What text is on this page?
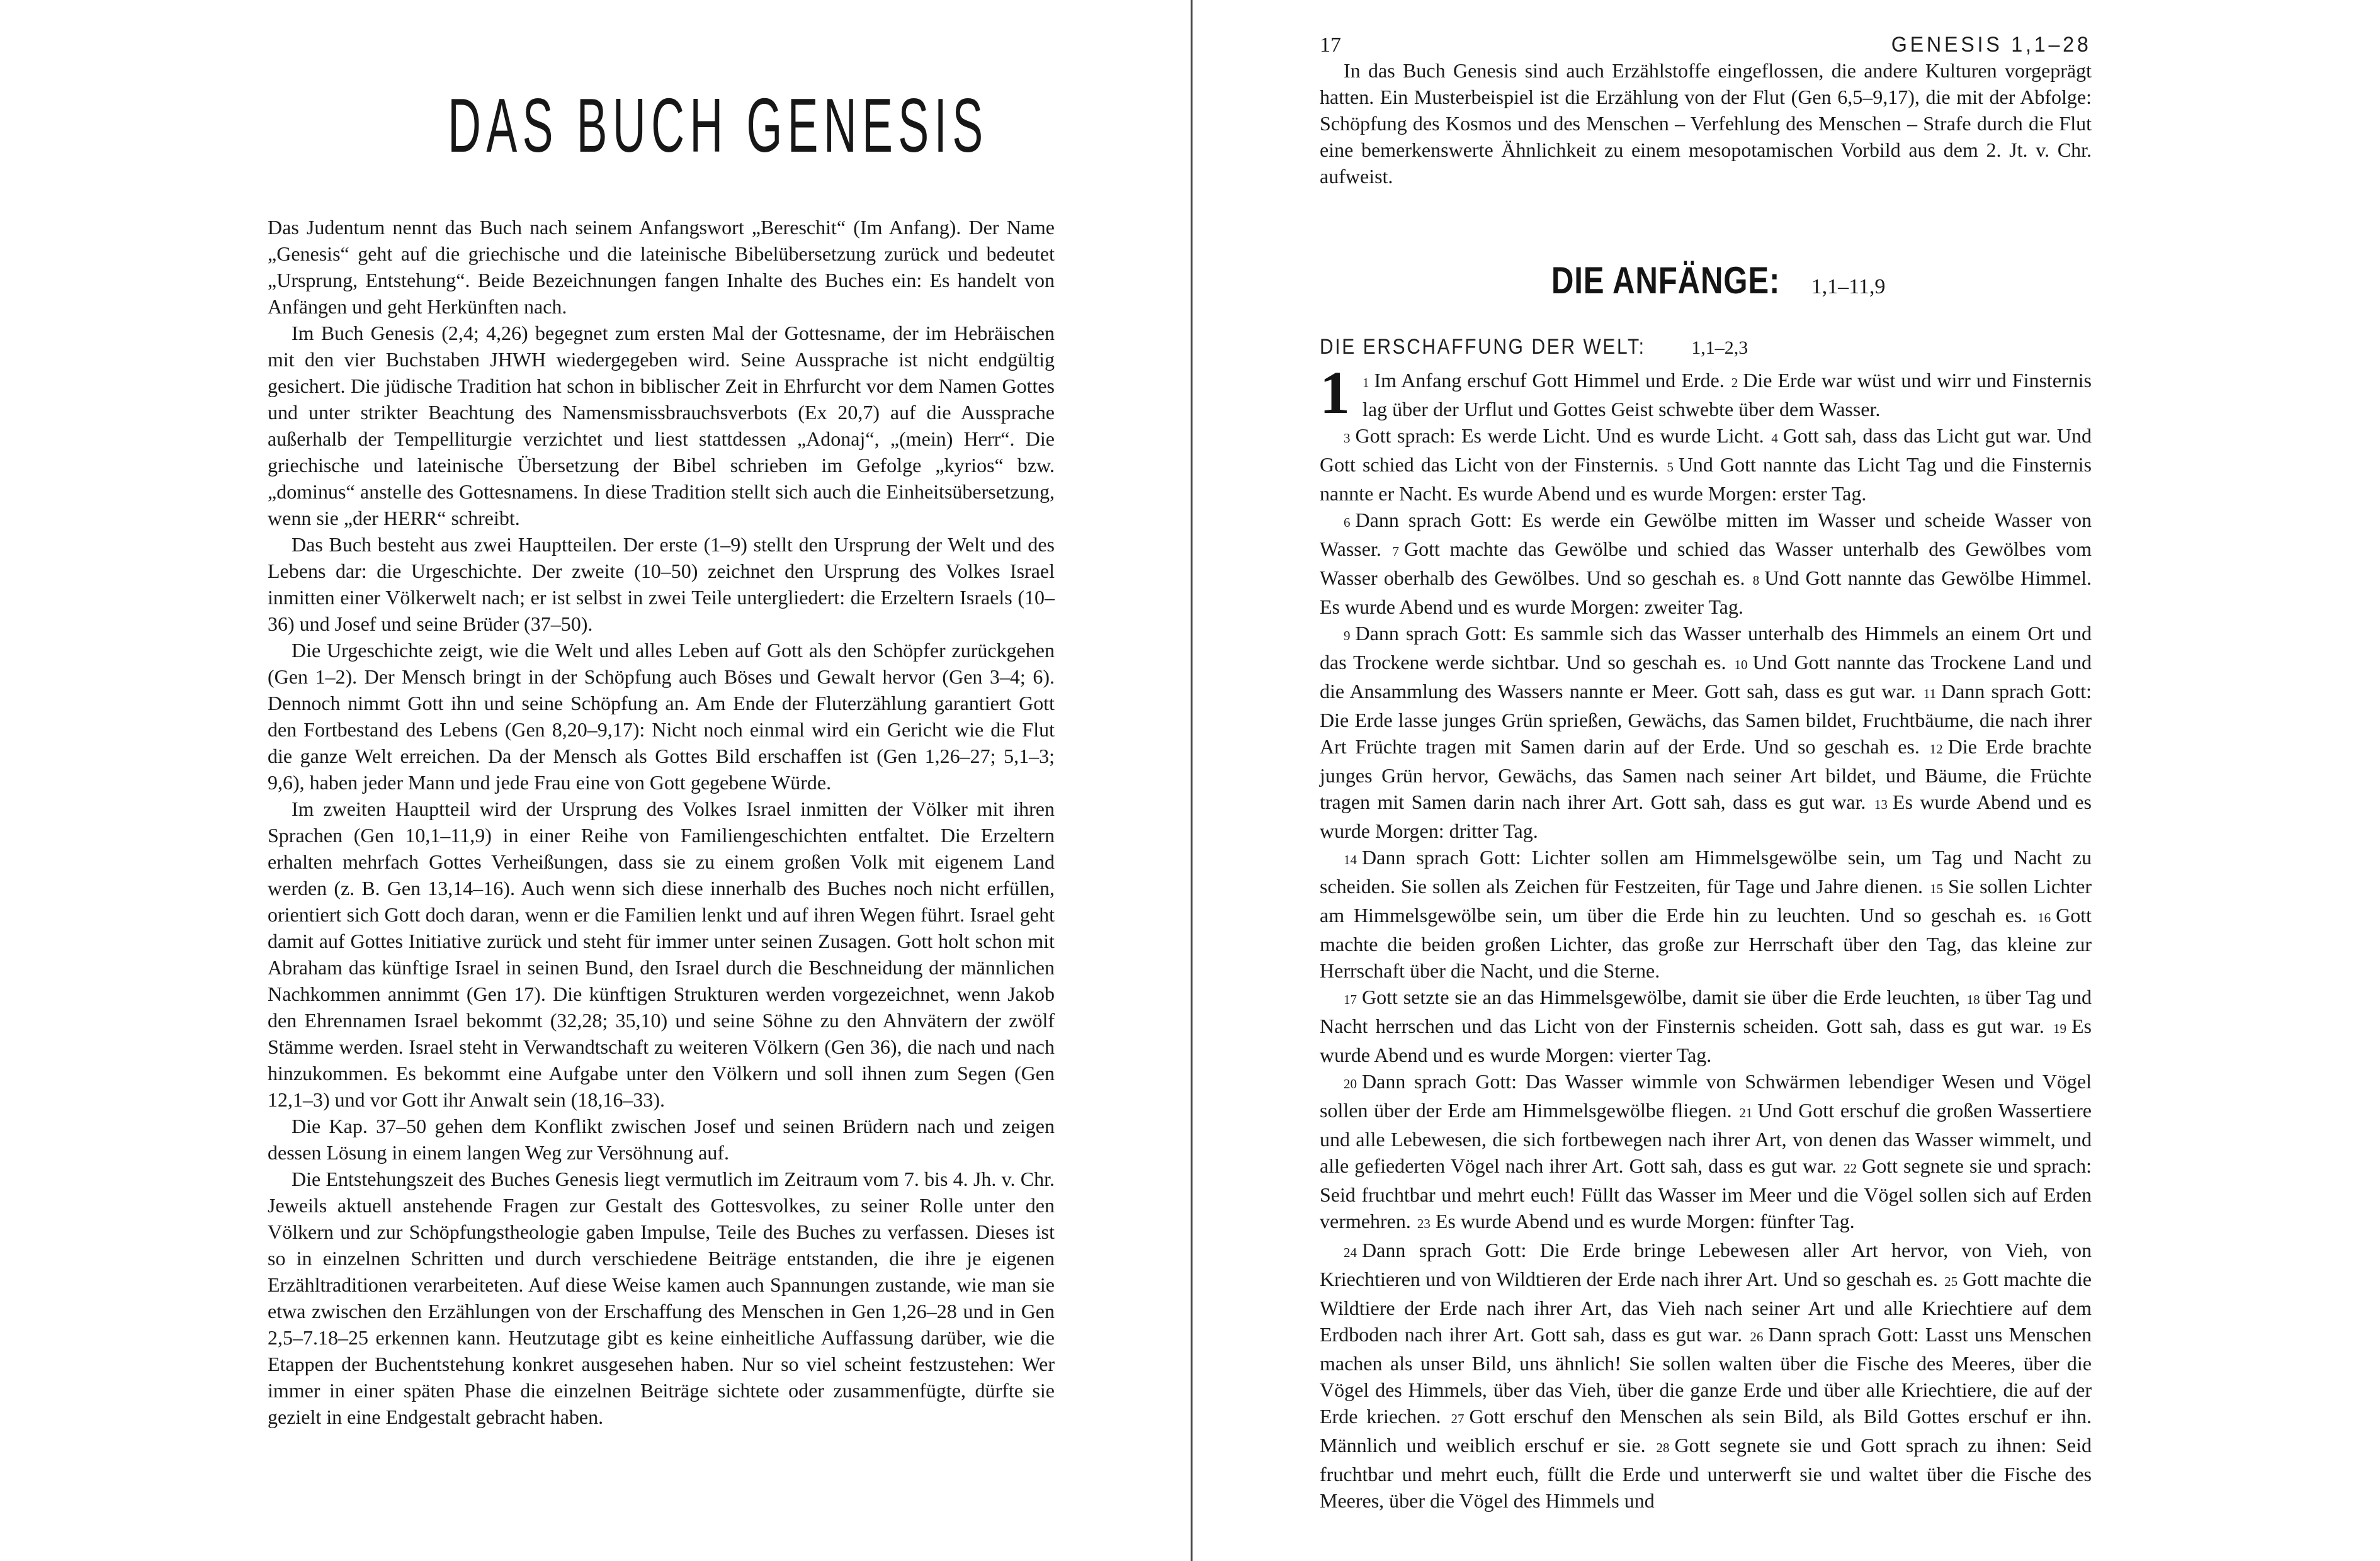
DAS BUCH GENESIS

Das Judentum nennt das Buch nach seinem Anfangswort „Bereschit“ (Im Anfang). Der Name „Genesis“ geht auf die griechische und die lateinische Bibelübersetzung zurück und bedeutet „Ursprung, Entstehung“. Beide Bezeichnungen fangen Inhalte des Buches ein: Es handelt von Anfängen und geht Herkünften nach.

Im Buch Genesis (2,4; 4,26) begegnet zum ersten Mal der Gottesname, der im Hebräischen mit den vier Buchstaben JHWH wiedergegeben wird. Seine Aussprache ist nicht endgültig gesichert. Die jüdische Tradition hat schon in biblischer Zeit in Ehrfurcht vor dem Namen Gottes und unter strikter Beachtung des Namensmissbrauchsverbots (Ex 20,7) auf die Aussprache außerhalb der Tempelliturgie verzichtet und liest stattdessen „Adonaj“, „(mein) Herr“. Die griechische und lateinische Übersetzung der Bibel schrieben im Gefolge „kyrios“ bzw. „dominus“ anstelle des Gottesnamens. In diese Tradition stellt sich auch die Einheitsübersetzung, wenn sie „der HERR“ schreibt.

Das Buch besteht aus zwei Hauptteilen. Der erste (1–9) stellt den Ursprung der Welt und des Lebens dar: die Urgeschichte. Der zweite (10–50) zeichnet den Ursprung des Volkes Israel inmitten einer Völkerwelt nach; er ist selbst in zwei Teile untergliedert: die Erzeltern Israels (10–36) und Josef und seine Brüder (37–50).

Die Urgeschichte zeigt, wie die Welt und alles Leben auf Gott als den Schöpfer zurückgehen (Gen 1–2). Der Mensch bringt in der Schöpfung auch Böses und Gewalt hervor (Gen 3–4; 6). Dennoch nimmt Gott ihn und seine Schöpfung an. Am Ende der Fluterzählung garantiert Gott den Fortbestand des Lebens (Gen 8,20–9,17): Nicht noch einmal wird ein Gericht wie die Flut die ganze Welt erreichen. Da der Mensch als Gottes Bild erschaffen ist (Gen 1,26–27; 5,1–3; 9,6), haben jeder Mann und jede Frau eine von Gott gegebene Würde.

Im zweiten Hauptteil wird der Ursprung des Volkes Israel inmitten der Völker mit ihren Sprachen (Gen 10,1–11,9) in einer Reihe von Familiengeschichten entfaltet. Die Erzeltern erhalten mehrfach Gottes Verheißungen, dass sie zu einem großen Volk mit eigenem Land werden (z. B. Gen 13,14–16). Auch wenn sich diese innerhalb des Buches noch nicht erfüllen, orientiert sich Gott doch daran, wenn er die Familien lenkt und auf ihren Wegen führt. Israel geht damit auf Gottes Initiative zurück und steht für immer unter seinen Zusagen. Gott holt schon mit Abraham das künftige Israel in seinen Bund, den Israel durch die Beschneidung der männlichen Nachkommen annimmt (Gen 17). Die künftigen Strukturen werden vorgezeichnet, wenn Jakob den Ehrennamen Israel bekommt (32,28; 35,10) und seine Söhne zu den Ahnvätern der zwölf Stämme werden. Israel steht in Verwandtschaft zu weiteren Völkern (Gen 36), die nach und nach hinzukommen. Es bekommt eine Aufgabe unter den Völkern und soll ihnen zum Segen (Gen 12,1–3) und vor Gott ihr Anwalt sein (18,16–33).

Die Kap. 37–50 gehen dem Konflikt zwischen Josef und seinen Brüdern nach und zeigen dessen Lösung in einem langen Weg zur Versöhnung auf.

Die Entstehungszeit des Buches Genesis liegt vermutlich im Zeitraum vom 7. bis 4. Jh. v. Chr. Jeweils aktuell anstehende Fragen zur Gestalt des Gottesvolkes, zu seiner Rolle unter den Völkern und zur Schöpfungstheologie gaben Impulse, Teile des Buches zu verfassen. Dieses ist so in einzelnen Schritten und durch verschiedene Beiträge entstanden, die ihre je eigenen Erzähltraditionen verarbeiteten. Auf diese Weise kamen auch Spannungen zustande, wie man sie etwa zwischen den Erzählungen von der Erschaffung des Menschen in Gen 1,26–28 und in Gen 2,5–7.18–25 erkennen kann. Heutzutage gibt es keine einheitliche Auffassung darüber, wie die Etappen der Buchentstehung konkret ausgesehen haben. Nur so viel scheint festzustehen: Wer immer in einer späten Phase die einzelnen Beiträge sichtete oder zusammenfügte, dürfte sie gezielt in eine Endgestalt gebracht haben.

17	GENESIS 1,1–28

In das Buch Genesis sind auch Erzählstoffe eingeflossen, die andere Kulturen vorgeprägt hatten. Ein Musterbeispiel ist die Erzählung von der Flut (Gen 6,5–9,17), die mit der Abfolge: Schöpfung des Kosmos und des Menschen – Verfehlung des Menschen – Strafe durch die Flut eine bemerkenswerte Ähnlichkeit zu einem mesopotamischen Vorbild aus dem 2. Jt. v. Chr. aufweist.

DIE ANFÄNGE: 1,1–11,9
DIE ERSCHAFFUNG DER WELT: 1,1–2,3

1 1 Im Anfang erschuf Gott Himmel und Erde. 2 Die Erde war wüst und wirr und Finsternis lag über der Urflut und Gottes Geist schwebte über dem Wasser.

3 Gott sprach: Es werde Licht. Und es wurde Licht. 4 Gott sah, dass das Licht gut war. Und Gott schied das Licht von der Finsternis. 5 Und Gott nannte das Licht Tag und die Finsternis nannte er Nacht. Es wurde Abend und es wurde Morgen: erster Tag.

6 Dann sprach Gott: Es werde ein Gewölbe mitten im Wasser und scheide Wasser von Wasser. 7 Gott machte das Gewölbe und schied das Wasser unterhalb des Gewölbes vom Wasser oberhalb des Gewölbes. Und so geschah es. 8 Und Gott nannte das Gewölbe Himmel. Es wurde Abend und es wurde Morgen: zweiter Tag.

9 Dann sprach Gott: Es sammle sich das Wasser unterhalb des Himmels an einem Ort und das Trockene werde sichtbar. Und so geschah es. 10 Und Gott nannte das Trockene Land und die Ansammlung des Wassers nannte er Meer. Gott sah, dass es gut war. 11 Dann sprach Gott: Die Erde lasse junges Grün sprießen, Gewächs, das Samen bildet, Fruchtbäume, die nach ihrer Art Früchte tragen mit Samen darin auf der Erde. Und so geschah es. 12 Die Erde brachte junges Grün hervor, Gewächs, das Samen nach seiner Art bildet, und Bäume, die Früchte tragen mit Samen darin nach ihrer Art. Gott sah, dass es gut war. 13 Es wurde Abend und es wurde Morgen: dritter Tag.

14 Dann sprach Gott: Lichter sollen am Himmelsgewölbe sein, um Tag und Nacht zu scheiden. Sie sollen als Zeichen für Festzeiten, für Tage und Jahre dienen. 15 Sie sollen Lichter am Himmelsgewölbe sein, um über die Erde hin zu leuchten. Und so geschah es. 16 Gott machte die beiden großen Lichter, das große zur Herrschaft über den Tag, das kleine zur Herrschaft über die Nacht, und die Sterne.

17 Gott setzte sie an das Himmelsgewölbe, damit sie über die Erde leuchten, 18 über Tag und Nacht herrschen und das Licht von der Finsternis scheiden. Gott sah, dass es gut war. 19 Es wurde Abend und es wurde Morgen: vierter Tag.

20 Dann sprach Gott: Das Wasser wimmle von Schwärmen lebendiger Wesen und Vögel sollen über der Erde am Himmelsgewölbe fliegen. 21 Und Gott erschuf die großen Wassertiere und alle Lebewesen, die sich fortbewegen nach ihrer Art, von denen das Wasser wimmelt, und alle gefiederten Vögel nach ihrer Art. Gott sah, dass es gut war. 22 Gott segnete sie und sprach: Seid fruchtbar und mehrt euch! Füllt das Wasser im Meer und die Vögel sollen sich auf Erden vermehren. 23 Es wurde Abend und es wurde Morgen: fünfter Tag.

24 Dann sprach Gott: Die Erde bringe Lebewesen aller Art hervor, von Vieh, von Kriechtieren und von Wildtieren der Erde nach ihrer Art. Und so geschah es. 25 Gott machte die Wildtiere der Erde nach ihrer Art, das Vieh nach seiner Art und alle Kriechtiere auf dem Erdboden nach ihrer Art. Gott sah, dass es gut war. 26 Dann sprach Gott: Lasst uns Menschen machen als unser Bild, uns ähnlich! Sie sollen walten über die Fische des Meeres, über die Vögel des Himmels, über das Vieh, über die ganze Erde und über alle Kriechtiere, die auf der Erde kriechen. 27 Gott erschuf den Menschen als sein Bild, als Bild Gottes erschuf er ihn. Männlich und weiblich erschuf er sie. 28 Gott segnete sie und Gott sprach zu ihnen: Seid fruchtbar und mehrt euch, füllt die Erde und unterwerft sie und waltet über die Fische des Meeres, über die Vögel des Himmels und
